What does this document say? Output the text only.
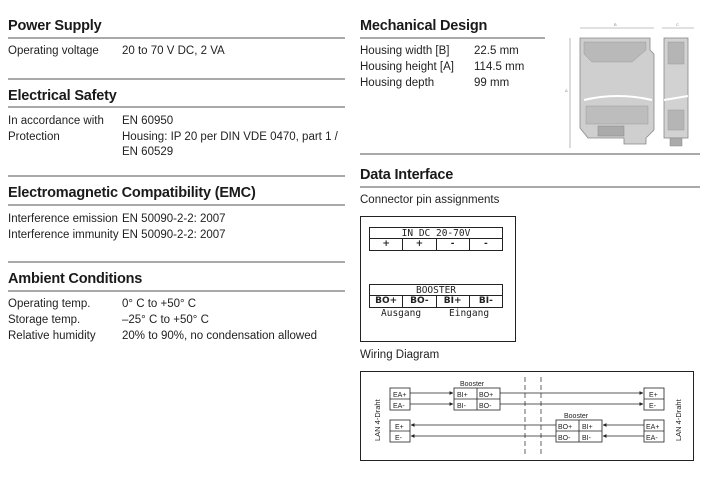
Power Supply
Operating voltage 20 to 70 V DC, 2 VA
Electrical Safety
In accordance with EN 60950
Protection	Housing: IP 20 per DIN VDE 0470, part 1 /
EN 60529
Electromagnetic Compatibility (EMC)
Interference emission EN 50090-2-2: 2007
Interference immunity EN 50090-2-2: 2007
Ambient Conditions
Operating temp.	0° C to +50° C
Storage temp.	–25° C to +50° C
Relative humidity 20% to 90%, no condensation allowed
Mechanical Design
Housing width [B] 22.5 mm
Housing height [A] 114.5 mm
Housing depth	99 mm
B	C
A
Data Interface
Connector pin assignments
IN DC 20-70V
+	+	-	-
BOOSTER
BO+	BO-	BI+	BI-
Ausgang	Eingang
Wiring Diagram
LAN 4-Draht	LAN 4-Draht
EA+
EA-
E+
E-
Booster
BI+ BO+
BI- BO-
Booster
BO+ BI+
BO- BI-
E+
E-
EA+
EA-
